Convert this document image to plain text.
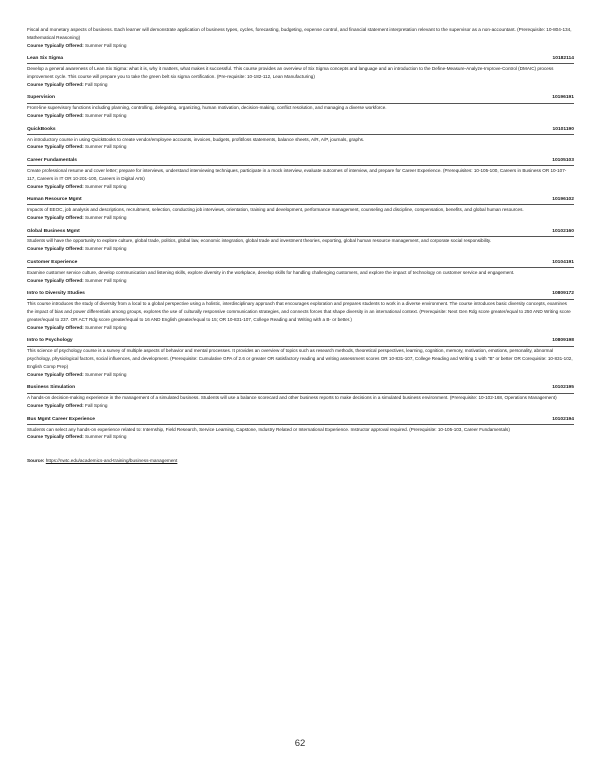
Fiscal and monetary aspects of business. Each learner will demonstrate application of business types, cycles, forecasting, budgeting, expense control, and financial statement interpretation relevant to the supervisor as a non-accountant. (Prerequisite: 10-804-134, Mathematical Reasoning)
Course Typically Offered: Summer Fall Spring
Lean Six Sigma	10182114
Develop a general awareness of Lean Six Sigma: what it is, why it matters, what makes it successful. This course provides an overview of Six Sigma concepts and language and an introduction to the Define-Measure-Analyze-Improve-Control (DMAIC) process improvement cycle. This course will prepare you to take the green belt six sigma certification. (Pre-requisite: 10-182-112, Lean Manufacturing)
Course Typically Offered: Fall Spring
Supervision	10196191
Front-line supervisory functions including planning, controlling, delegating, organizing, human motivation, decision-making, conflict resolution, and managing a diverse workforce.
Course Typically Offered: Summer Fall Spring
QuickBooks	10101190
An introductory course in using QuickBooks to create vendor/employee accounts, invoices, budgets, profit/loss statements, balance sheets, A/R, A/P, journals, graphs.
Course Typically Offered: Summer Fall Spring
Career Fundamentals	10105103
Create professional resume and cover letter; prepare for interviews, understand interviewing techniques, participate in a mock interview, evaluate outcomes of interview, and prepare for Career Experience. (Prerequisites: 10-105-100, Careers in Business OR 10-107-117, Careers in IT OR 10-201-100, Careers in Digital Arts)
Course Typically Offered: Summer Fall Spring
Human Resource Mgmt	10196102
Impacts of EEOC, job analysis and descriptions, recruitment, selection, conducting job interviews, orientation, training and development, performance management, counseling and discipline, compensation, benefits, and global human resources.
Course Typically Offered: Summer Fall Spring
Global Business Mgmt	10102160
Students will have the opportunity to explore culture, global trade, politics, global law, economic integration, global trade and investment theories, exporting, global human resource management, and corporate social responsibility.
Course Typically Offered: Summer Fall Spring
Customer Experience	10104191
Examine customer service culture, develop communication and listening skills, explore diversity in the workplace, develop skills for handling challenging customers, and explore the impact of technology on customer service and engagement.
Course Typically Offered: Summer Fall Spring
Intro to Diversity Studies	10809172
This course introduces the study of diversity from a local to a global perspective using a holistic, interdisciplinary approach that encourages exploration and prepares students to work in a diverse environment. The course introduces basic diversity concepts, examines the impact of bias and power differentials among groups, explores the use of culturally responsive communication strategies, and connects forces that shape diversity in an international context. (Prerequisite: Next Gen Rdg score greater/equal to 250 AND Writing score greater/equal to 237. OR ACT Rdg score greater/equal to 16 AND English greater/equal to 15; OR 10-831-107, College Reading and Writing with a B- or better.)
Course Typically Offered: Summer Fall Spring
Intro to Psychology	10809198
This science of psychology course is a survey of multiple aspects of behavior and mental processes. It provides an overview of topics such as research methods, theoretical perspectives, learning, cognition, memory, motivation, emotions, personality, abnormal psychology, physiological factors, social influences, and development. (Prerequisite: Cumulative GPA of 2.6 or greater OR satisfactory reading and writing assessment scores OR 10-831-107, College Reading and Writing 1 with "B" or better OR Corequisite: 10-831-102, English Comp Prep)
Course Typically Offered: Summer Fall Spring
Business Simulation	10102195
A hands-on decision-making experience in the management of a simulated business. Students will use a balance scorecard and other business reports to make decisions in a simulated business environment. (Prerequisite: 10-102-168, Operations Management)
Course Typically Offered: Fall Spring
Bus Mgmt Career Experience	10102194
Students can select any hands-on experience related to: Internship, Field Research, Service Learning, Capstone, Industry Related or International Experience. Instructor approval required. (Prerequisite: 10-105-103, Career Fundamentals)
Course Typically Offered: Summer Fall Spring
Source: https://nwtc.edu/academics-and-training/business-management
62
